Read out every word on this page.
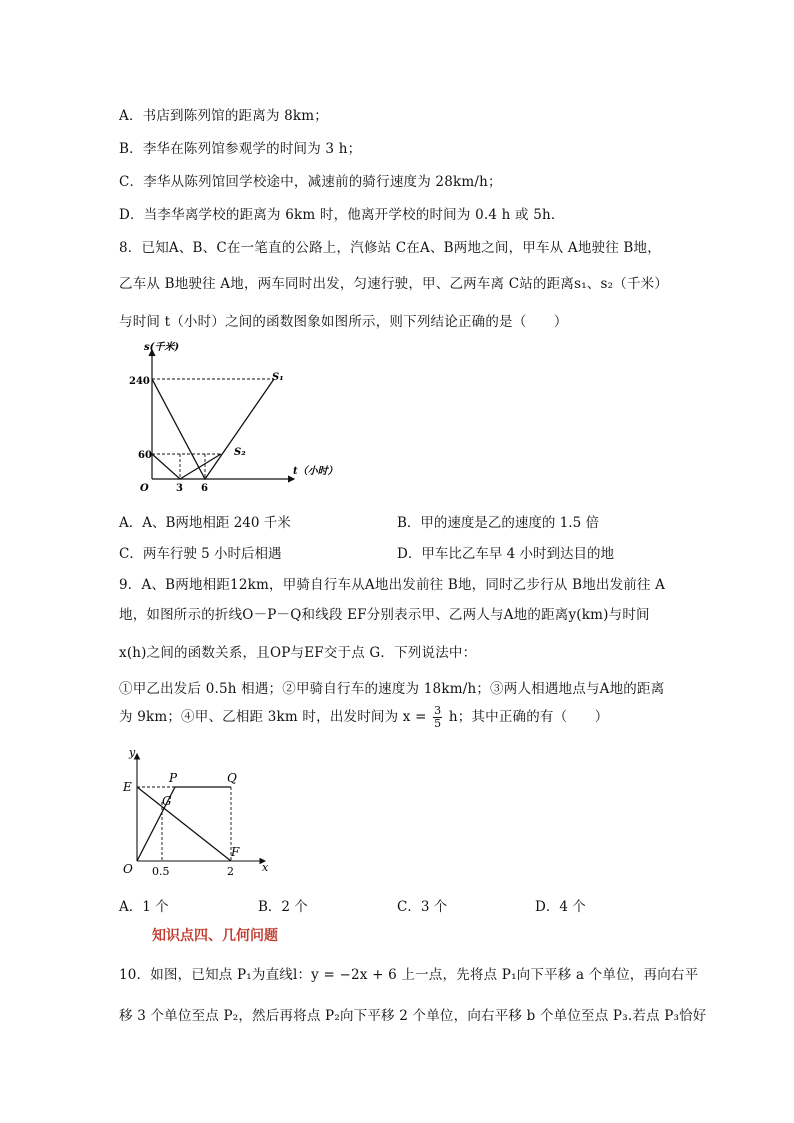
A．书店到陈列馆的距离为 8km；
B．李华在陈列馆参观学的时间为 3 h；
C．李华从陈列馆回学校途中，减速前的骑行速度为 28km/h；
D．当李华离学校的距离为 6km 时，他离开学校的时间为 0.4 h 或 5h．
8．已知A、B、C在一笔直的公路上，汽修站 C在A、B两地之间，甲车从 A地驶往 B地，
乙车从 B地驶往 A地，两车同时出发，匀速行驶，甲、乙两车离 C站的距离s₁、s₂（千米）
与时间 t（小时）之间的函数图象如图所示，则下列结论正确的是（　　）
s(千米)
t（小时）
240
60
O	3 6
S₁
S₂
A．A、B两地相距 240 千米	B．甲的速度是乙的速度的 1.5 倍
C．两车行驶 5 小时后相遇	D．甲车比乙车早 4 小时到达目的地
9．A、B两地相距12km，甲骑自行车从A地出发前往 B地，同时乙步行从 B地出发前往 A
地，如图所示的折线O－P－Q和线段 EF分别表示甲、乙两人与A地的距离y(km)与时间
x(h)之间的函数关系，且OP与EF交于点 G．下列说法中：
①甲乙出发后 0.5h 相遇；②甲骑自行车的速度为 18km/h；③两人相遇地点与A地的距离
为 9km；④甲、乙相距 3km 时，出发时间为 $x = \frac{3}{5}$ h；其中正确的有（　　）
y
x
E
P	Q
G
F
O 0.5	2
A．1 个	B．2 个	C．3 个	D．4 个
知识点四、几何问题
10．如图，已知点 P₁为直线l：y = −2x + 6 上一点，先将点 P₁向下平移 a 个单位，再向右平
移 3 个单位至点 P₂，然后再将点 P₂向下平移 2 个单位，向右平移 b 个单位至点 P₃.若点 P₃恰好
